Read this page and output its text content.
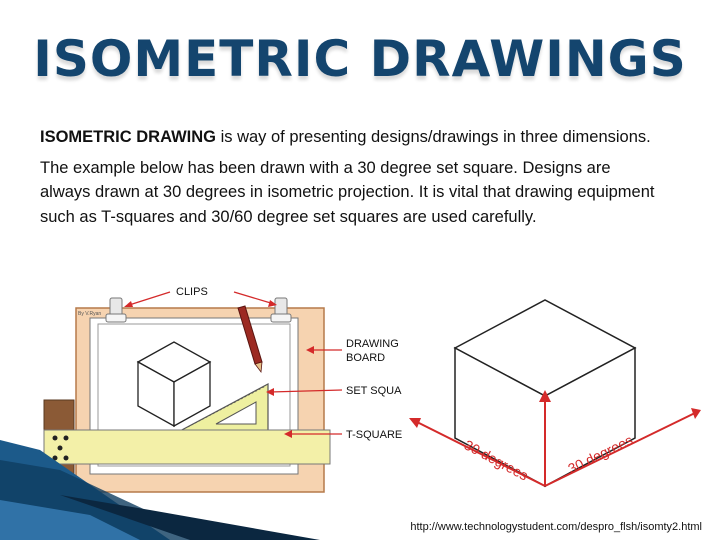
ISOMETRIC DRAWINGS

ISOMETRIC DRAWING is way of presenting designs/drawings in three dimensions.

The example below has been drawn with a 30 degree set square. Designs are always drawn at 30 degrees in isometric projection. It is vital that drawing equipment such as T-squares and 30/60 degree set squares are used carefully.

By V.Ryan
CLIPS
DRAWING
BOARD
SET SQUA
T-SQUARE
30 degrees 30 degrees
http://www.technologystudent.com/despro_flsh/isomty2.html
